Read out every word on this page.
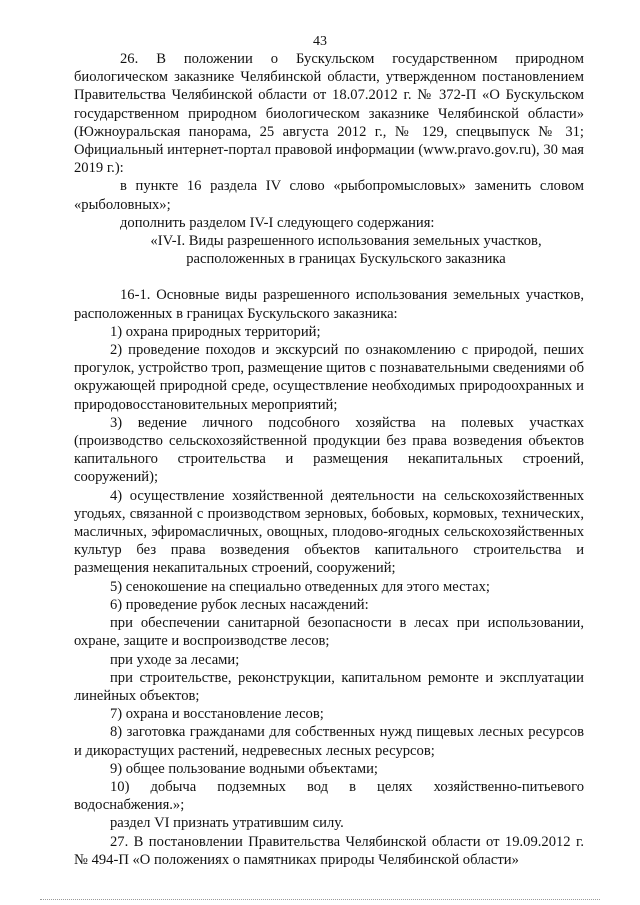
43

26. В положении о Бускульском государственном природном биологическом заказнике Челябинской области, утвержденном постановлением Правительства Челябинской области от 18.07.2012 г. № 372-П «О Бускульском государственном природном биологическом заказнике Челябинской области» (Южноуральская панорама, 25 августа 2012 г., № 129, спецвыпуск № 31; Официальный интернет-портал правовой информации (www.pravo.gov.ru), 30 мая 2019 г.):

в пункте 16 раздела IV слово «рыбопромысловых» заменить словом «рыболовных»;

дополнить разделом IV-I следующего содержания:

«IV-I. Виды разрешенного использования земельных участков,

расположенных в границах Бускульского заказника

16-1. Основные виды разрешенного использования земельных участков, расположенных в границах Бускульского заказника:

1) охрана природных территорий;

2) проведение походов и экскурсий по ознакомлению с природой, пеших прогулок, устройство троп, размещение щитов с познавательными сведениями об окружающей природной среде, осуществление необходимых природоохранных и природовосстановительных мероприятий;

3) ведение личного подсобного хозяйства на полевых участках (производство сельскохозяйственной продукции без права возведения объектов капитального строительства и размещения некапитальных строений, сооружений);

4) осуществление хозяйственной деятельности на сельскохозяйственных угодьях, связанной с производством зерновых, бобовых, кормовых, технических, масличных, эфиромасличных, овощных, плодово-ягодных сельскохозяйственных культур без права возведения объектов капитального строительства и размещения некапитальных строений, сооружений;

5) сенокошение на специально отведенных для этого местах;

6) проведение рубок лесных насаждений:

при обеспечении санитарной безопасности в лесах при использовании, охране, защите и воспроизводстве лесов;

при уходе за лесами;

при строительстве, реконструкции, капитальном ремонте и эксплуатации линейных объектов;

7) охрана и восстановление лесов;

8) заготовка гражданами для собственных нужд пищевых лесных ресурсов и дикорастущих растений, недревесных лесных ресурсов;

9) общее пользование водными объектами;

10) добыча подземных вод в целях хозяйственно-питьевого водоснабжения.»;

раздел VI признать утратившим силу.

27. В постановлении Правительства Челябинской области от 19.09.2012 г. № 494-П «О положениях о памятниках природы Челябинской области»
